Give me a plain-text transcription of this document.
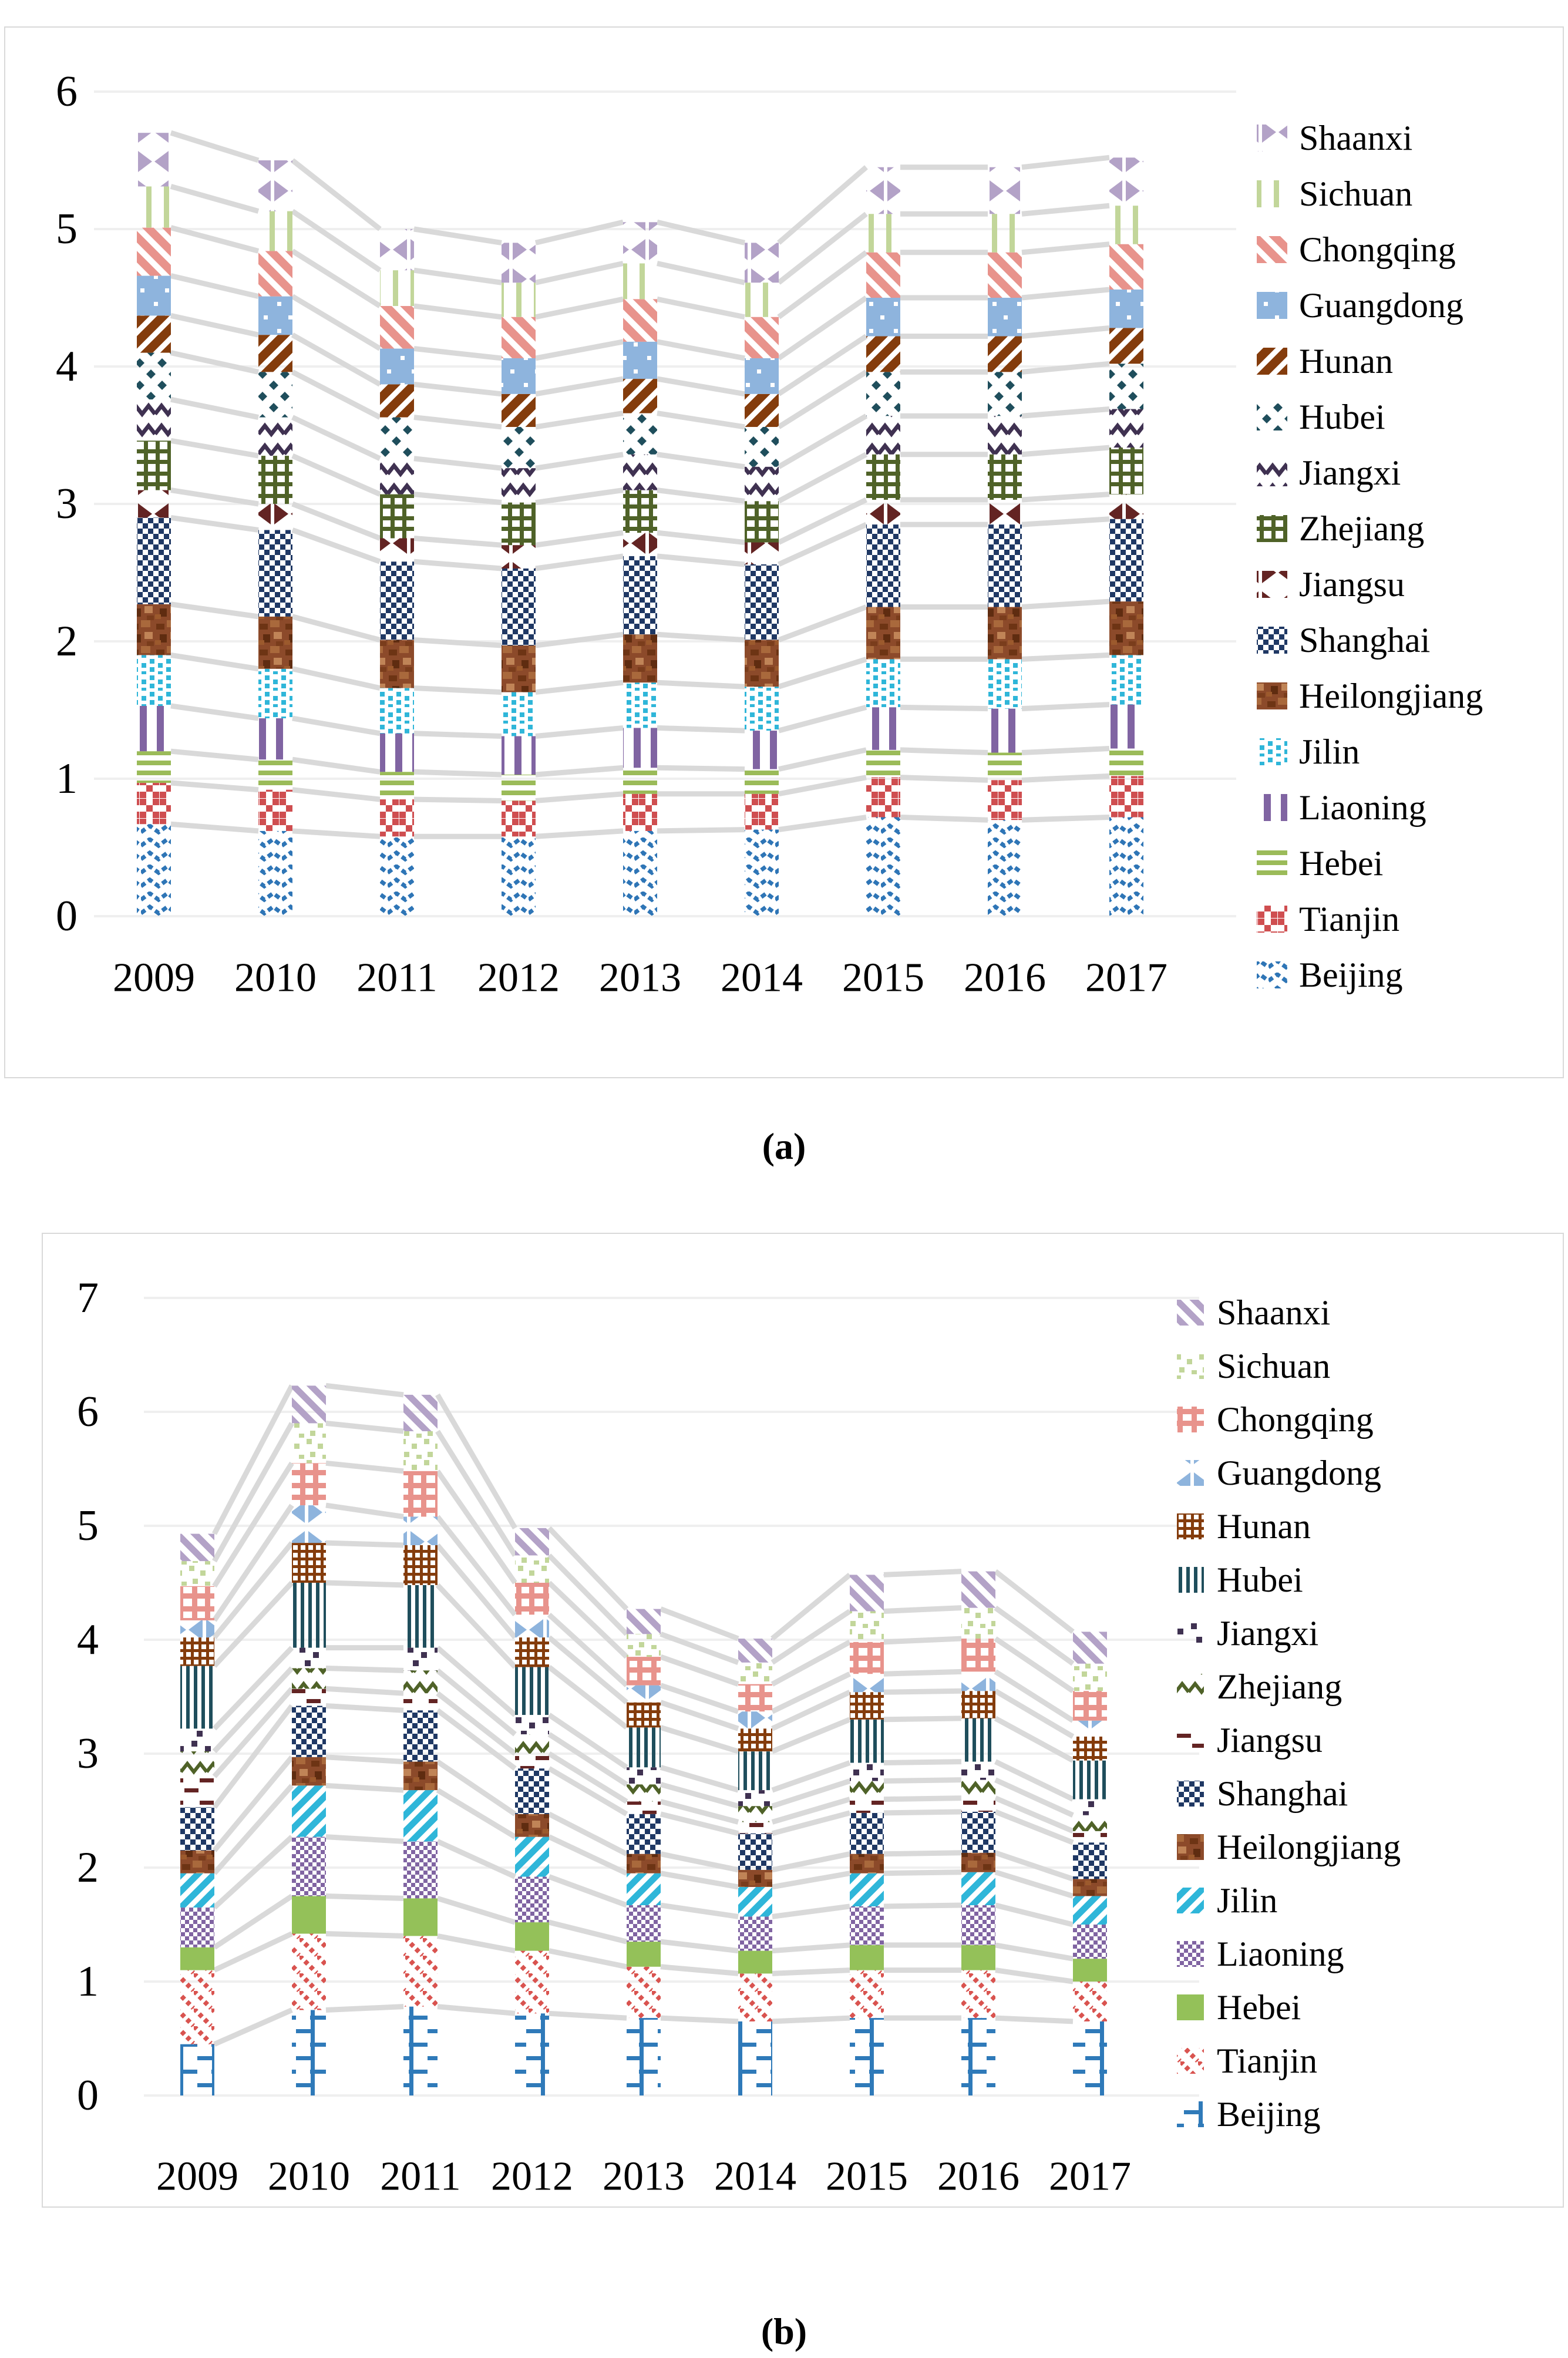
0
1
2
3
4
5
6
2009 2010 2011 2012 2013 2014 2015 2016 2017
Shaanxi
Sichuan
Chongqing
Guangdong
Hunan
Hubei
Jiangxi
Zhejiang
Jiangsu
Shanghai
Heilongjiang
Jilin
Liaoning
Hebei
Tianjin
Beijing
(a)
0
1
2
3
4
5
6
7
2009 2010 2011 2012 2013 2014 2015 2016 2017
Shaanxi
Sichuan
Chongqing
Guangdong
Hunan
Hubei
Jiangxi
Zhejiang
Jiangsu
Shanghai
Heilongjiang
Jilin
Liaoning
Hebei
Tianjin
Beijing
(b)
